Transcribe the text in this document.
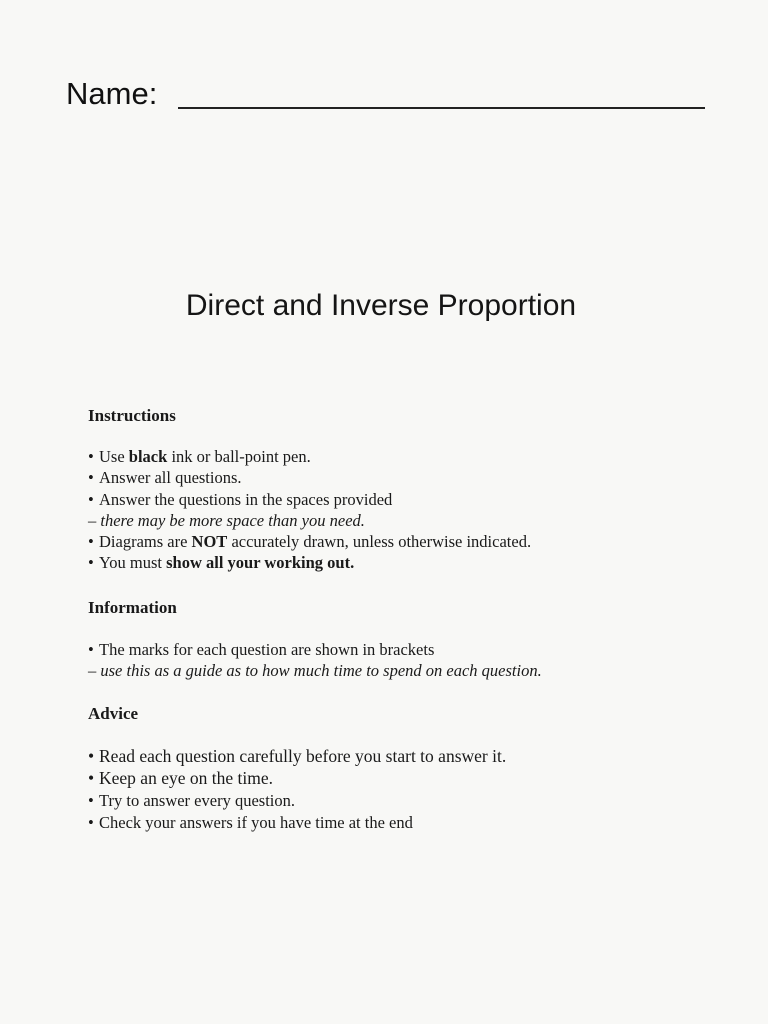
Name:
Direct and Inverse Proportion

Instructions

• Use black ink or ball-point pen.
• Answer all questions.
• Answer the questions in the spaces provided
– there may be more space than you need.
• Diagrams are NOT accurately drawn, unless otherwise indicated.
• You must show all your working out.

Information

• The marks for each question are shown in brackets
– use this as a guide as to how much time to spend on each question.

Advice

• Read each question carefully before you start to answer it.
• Keep an eye on the time.
• Try to answer every question.
• Check your answers if you have time at the end
